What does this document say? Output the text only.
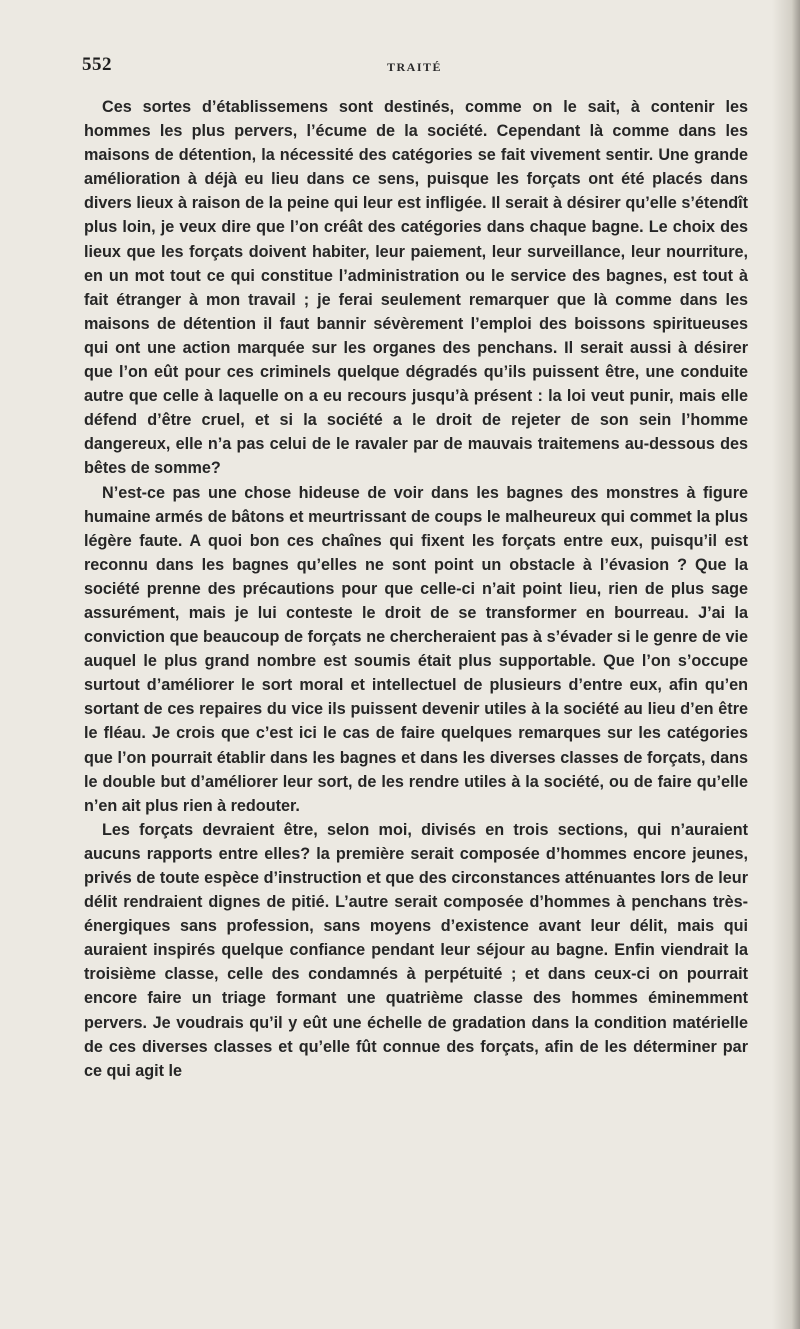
552	TRAITÉ

Ces sortes d’établissemens sont destinés, comme on le sait, à contenir les hommes les plus pervers, l’écume de la société. Cependant là comme dans les maisons de détention, la nécessité des catégories se fait vivement sentir. Une grande amélioration à déjà eu lieu dans ce sens, puisque les forçats ont été placés dans divers lieux à raison de la peine qui leur est infligée. Il serait à désirer qu’elle s’étendît plus loin, je veux dire que l’on créât des catégories dans chaque bagne. Le choix des lieux que les forçats doivent habiter, leur paiement, leur surveillance, leur nourriture, en un mot tout ce qui constitue l’administration ou le service des bagnes, est tout à fait étranger à mon travail ; je ferai seulement remarquer que là comme dans les maisons de détention il faut bannir sévèrement l’emploi des boissons spiritueuses qui ont une action marquée sur les organes des penchans. Il serait aussi à désirer que l’on eût pour ces criminels quelque dégradés qu’ils puissent être, une conduite autre que celle à laquelle on a eu recours jusqu’à présent : la loi veut punir, mais elle défend d’être cruel, et si la société a le droit de rejeter de son sein l’homme dangereux, elle n’a pas celui de le ravaler par de mauvais traitemens au-dessous des bêtes de somme?

N’est-ce pas une chose hideuse de voir dans les bagnes des monstres à figure humaine armés de bâtons et meurtrissant de coups le malheureux qui commet la plus légère faute. A quoi bon ces chaînes qui fixent les forçats entre eux, puisqu’il est reconnu dans les bagnes qu’elles ne sont point un obstacle à l’évasion ? Que la société prenne des précautions pour que celle-ci n’ait point lieu, rien de plus sage assurément, mais je lui conteste le droit de se transformer en bourreau. J’ai la conviction que beaucoup de forçats ne chercheraient pas à s’évader si le genre de vie auquel le plus grand nombre est soumis était plus supportable. Que l’on s’occupe surtout d’améliorer le sort moral et intellectuel de plusieurs d’entre eux, afin qu’en sortant de ces repaires du vice ils puissent devenir utiles à la société au lieu d’en être le fléau. Je crois que c’est ici le cas de faire quelques remarques sur les catégories que l’on pourrait établir dans les bagnes et dans les diverses classes de forçats, dans le double but d’améliorer leur sort, de les rendre utiles à la société, ou de faire qu’elle n’en ait plus rien à redouter.

Les forçats devraient être, selon moi, divisés en trois sections, qui n’auraient aucuns rapports entre elles? la première serait composée d’hommes encore jeunes, privés de toute espèce d’instruction et que des circonstances atténuantes lors de leur délit rendraient dignes de pitié. L’autre serait composée d’hommes à penchans très-énergiques sans profession, sans moyens d’existence avant leur délit, mais qui auraient inspirés quelque confiance pendant leur séjour au bagne. Enfin viendrait la troisième classe, celle des condamnés à perpétuité ; et dans ceux-ci on pourrait encore faire un triage formant une quatrième classe des hommes éminemment pervers. Je voudrais qu’il y eût une échelle de gradation dans la condition matérielle de ces diverses classes et qu’elle fût connue des forçats, afin de les déterminer par ce qui agit le
